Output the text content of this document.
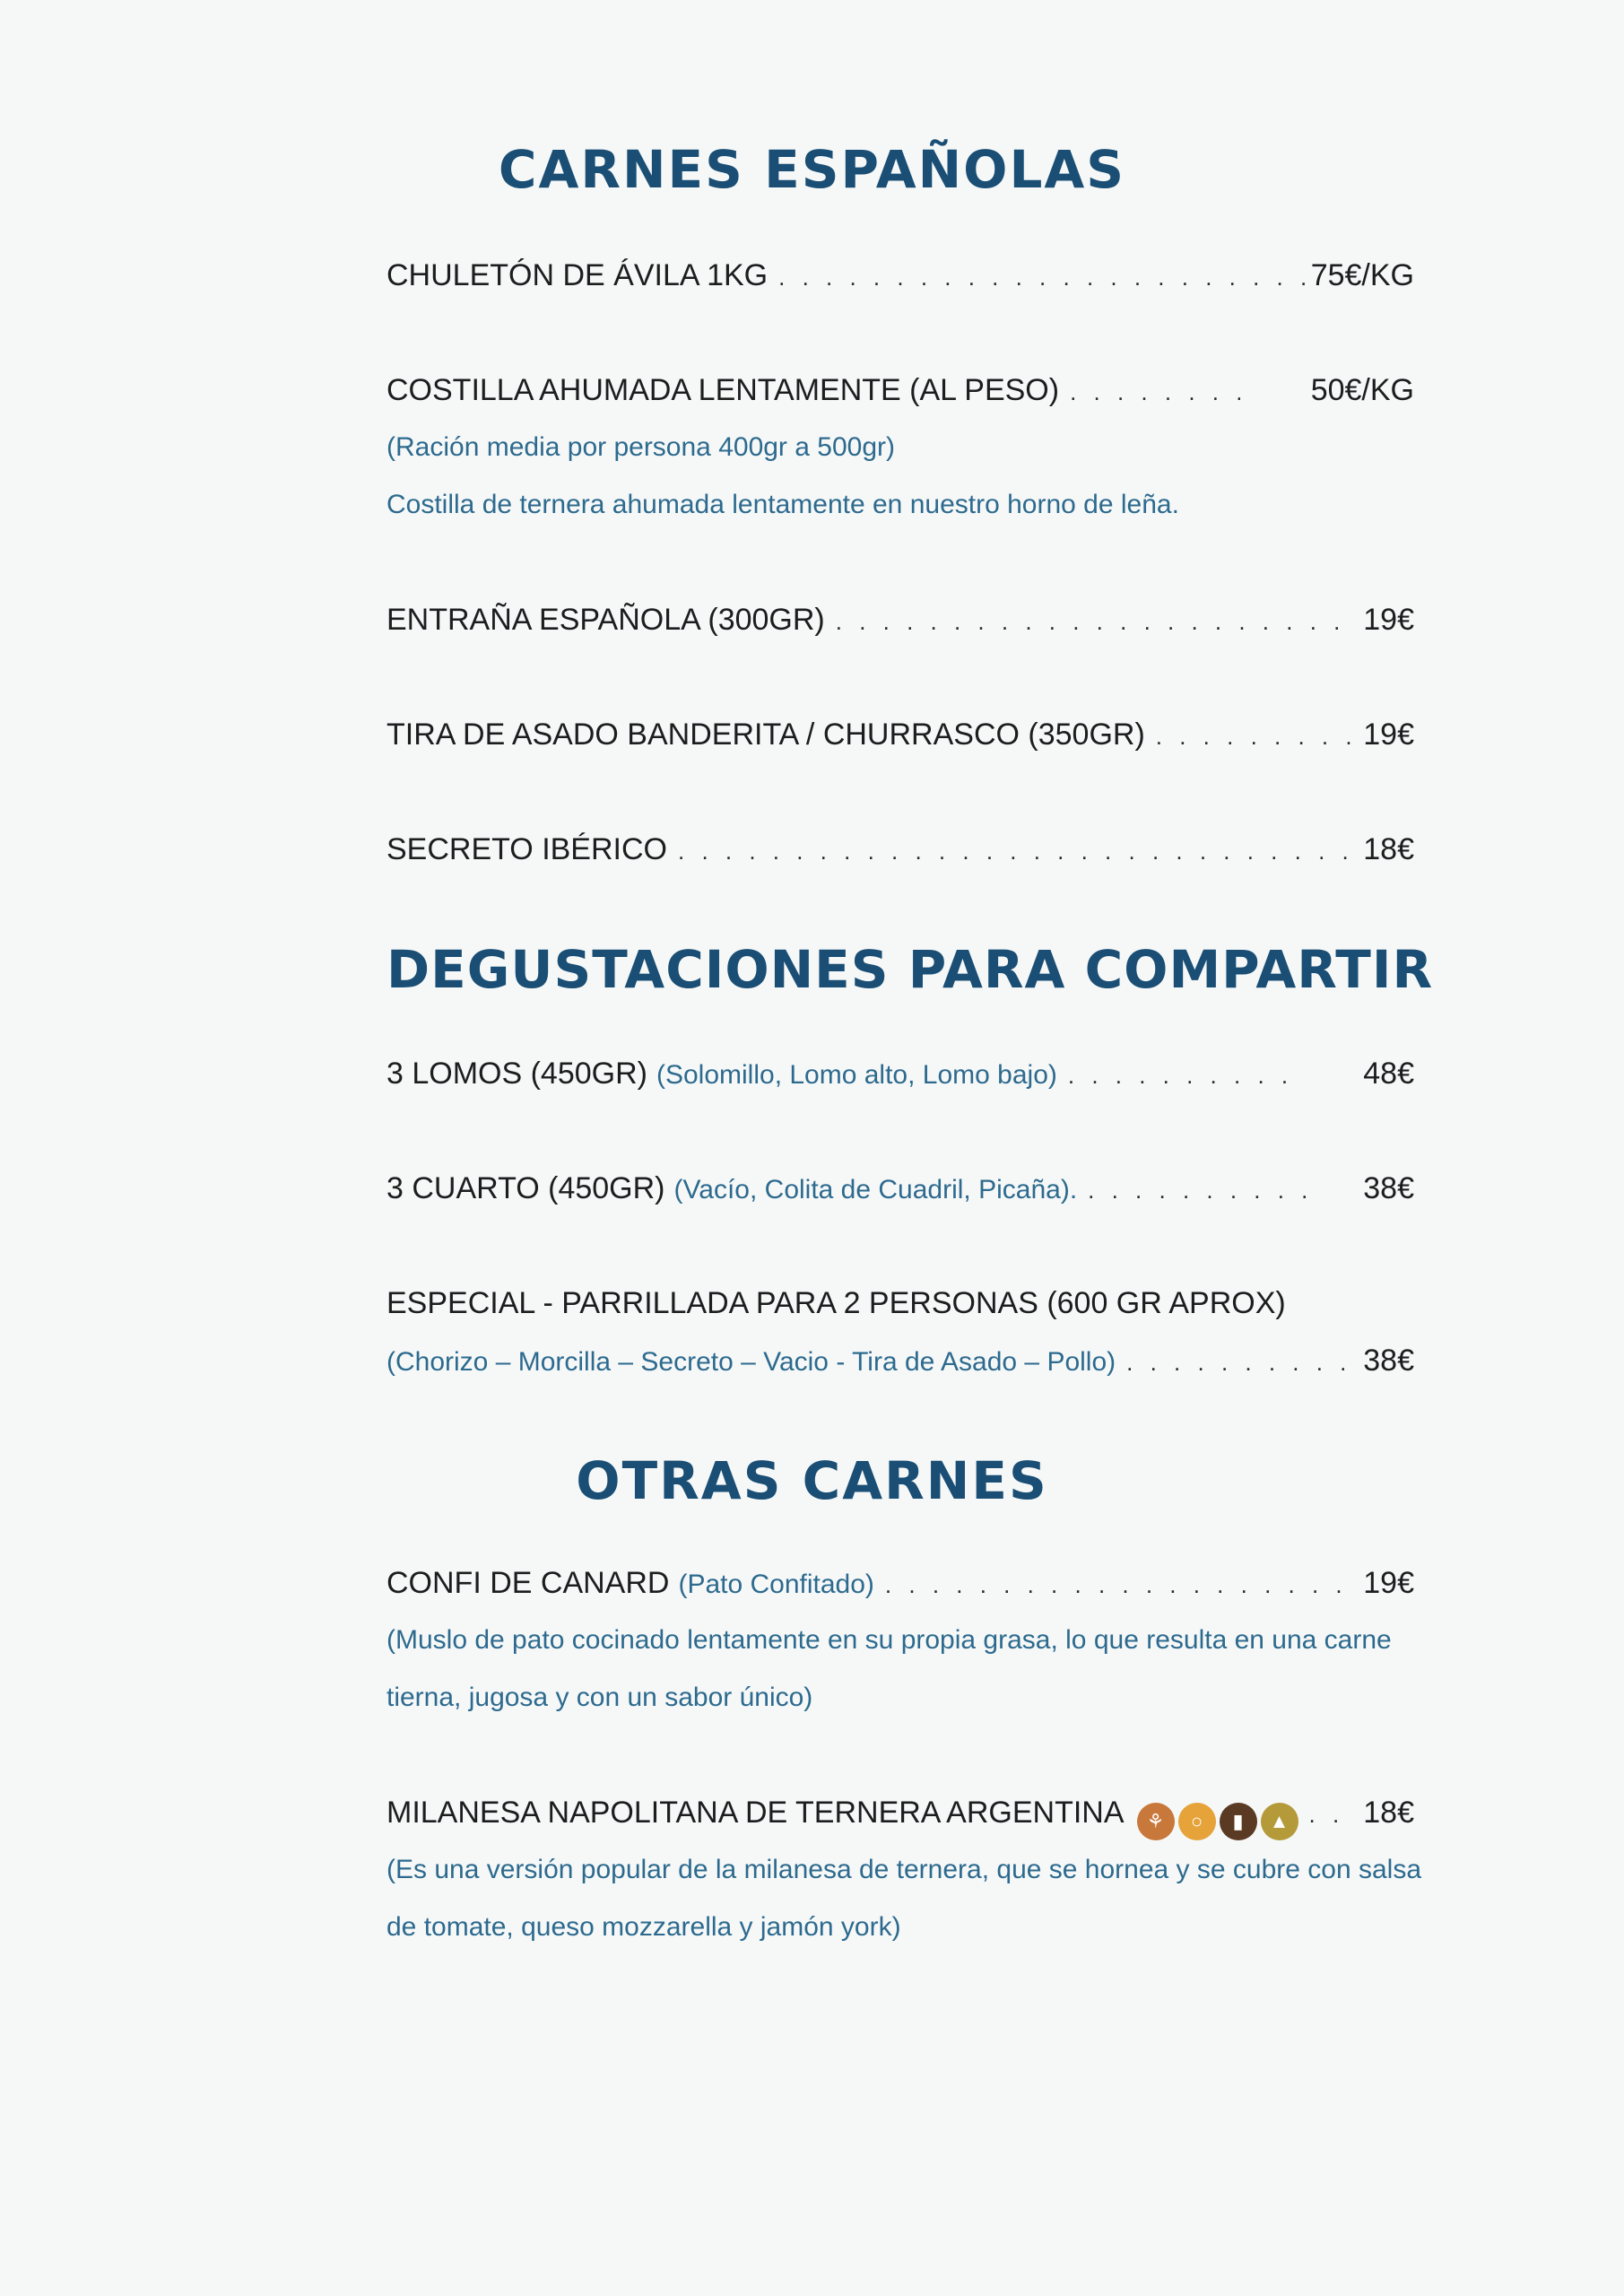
CARNES ESPAÑOLAS
CHULETÓN DE ÁVILA 1KG . . .	75€/KG
COSTILLA AHUMADA LENTAMENTE (AL PESO) . . .	50€/KG
(Ración media por persona 400gr a 500gr)
Costilla de ternera ahumada lentamente en nuestro horno de leña.
ENTRAÑA ESPAÑOLA (300GR) . . .	19€
TIRA DE ASADO BANDERITA / CHURRASCO (350GR) . . .	19€
SECRETO IBÉRICO . . .	18€
DEGUSTACIONES PARA COMPARTIR
3 LOMOS (450GR) (Solomillo, Lomo alto, Lomo bajo) . . .	48€
3 CUARTO (450GR) (Vacío, Colita de Cuadril, Picaña). . . .	38€
ESPECIAL - PARRILLADA PARA 2 PERSONAS (600 GR APROX)
(Chorizo – Morcilla – Secreto – Vacio - Tira de Asado – Pollo) . . .	38€
OTRAS CARNES
CONFI DE CANARD (Pato Confitado) . . .	19€
(Muslo de pato cocinado lentamente en su propia grasa, lo que resulta en una carne
tierna, jugosa y con un sabor único)
MILANESA NAPOLITANA DE TERNERA ARGENTINA	⚘	○	▮	▲ . . . 18€
(Es una versión popular de la milanesa de ternera, que se hornea y se cubre con salsa
de tomate, queso mozzarella y jamón york)
